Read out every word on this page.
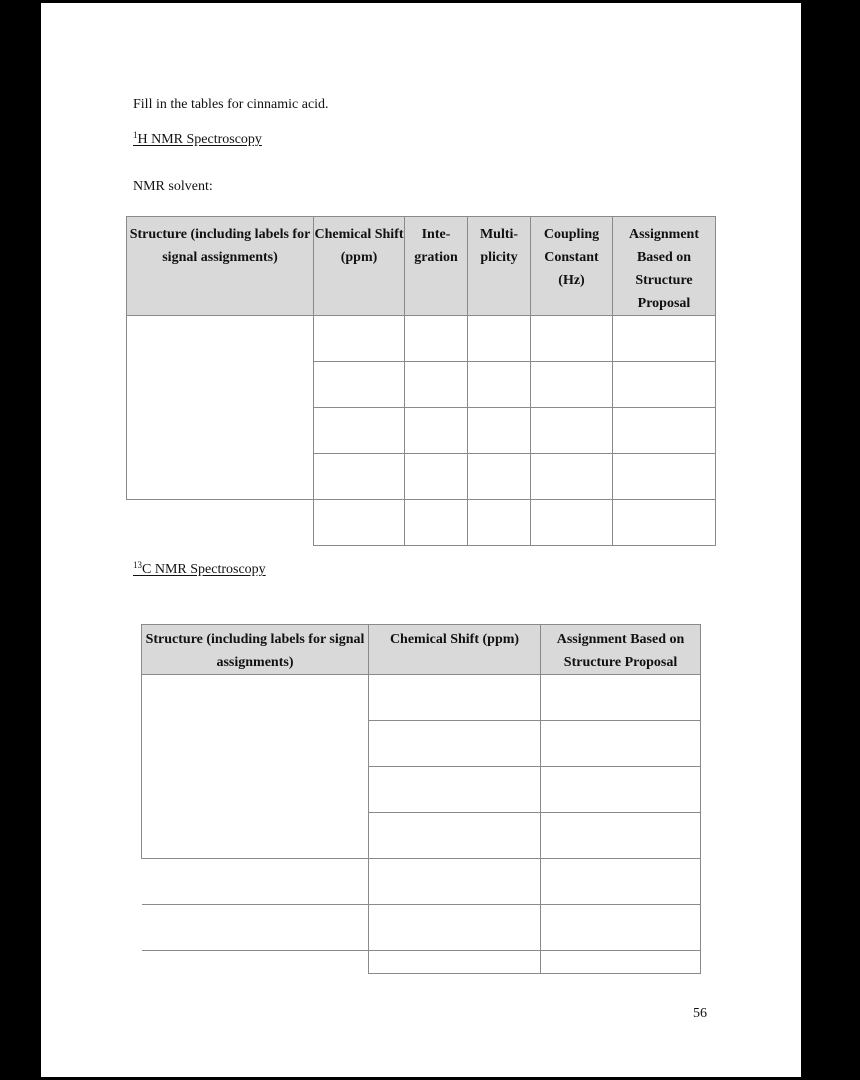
Fill in the tables for cinnamic acid.
$^1$H NMR Spectroscopy
NMR solvent:
Structure (including labels for signal assignments)	Chemical Shift (ppm)	Inte-gration	Multi-plicity	Coupling Constant (Hz)	Assignment Based on Structure Proposal

$^{13}$C NMR Spectroscopy
Structure (including labels for signal assignments)	Chemical Shift (ppm)	Assignment Based on Structure Proposal

56
